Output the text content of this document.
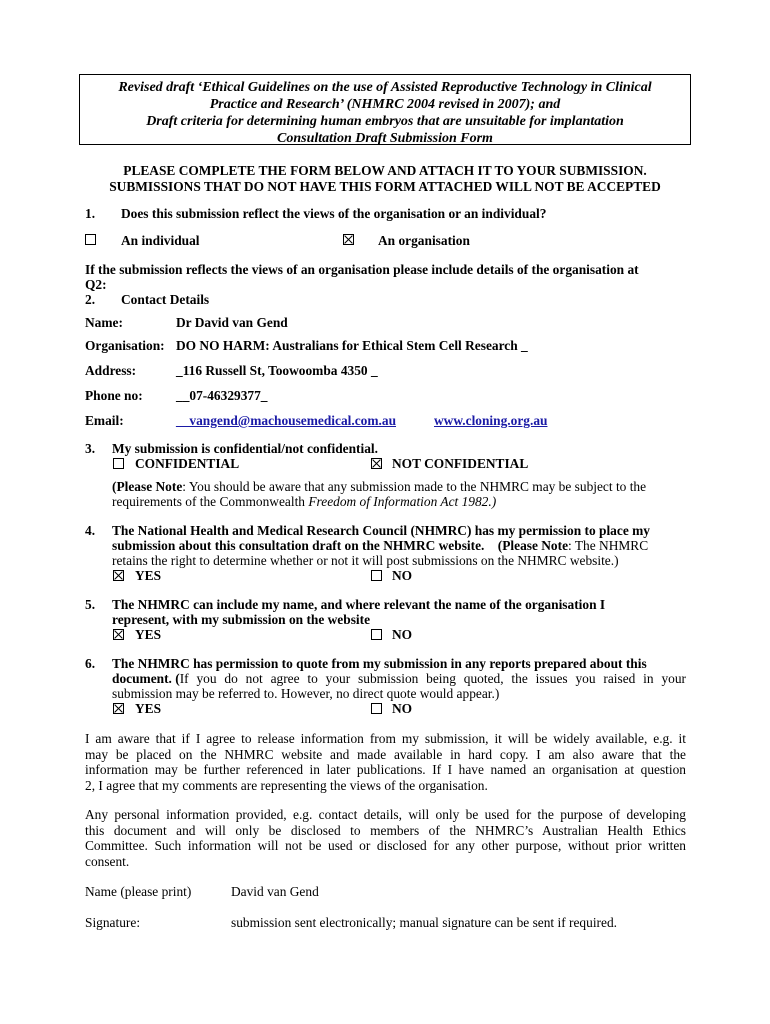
Revised draft ‘Ethical Guidelines on the use of Assisted Reproductive Technology in Clinical
Practice and Research’ (NHMRC 2004 revised in 2007); and
Draft criteria for determining human embryos that are unsuitable for implantation
Consultation Draft Submission Form
PLEASE COMPLETE THE FORM BELOW AND ATTACH IT TO YOUR SUBMISSION.
SUBMISSIONS THAT DO NOT HAVE THIS FORM ATTACHED WILL NOT BE ACCEPTED
1. Does this submission reflect the views of the organisation or an individual?
An individual	An organisation
If the submission reflects the views of an organisation please include details of the organisation at
Q2:
2. Contact Details
Name:	Dr David van Gend
Organisation: DO NO HARM: Australians for Ethical Stem Cell Research _
Address:	_116 Russell St, Toowoomba 4350 _
Phone no: __07-46329377_
Email:	__vangend@machousemedical.com.au	www.cloning.org.au
3. My submission is confidential/not confidential.
CONFIDENTIAL	NOT CONFIDENTIAL
(Please Note: You should be aware that any submission made to the NHMRC may be subject to the
requirements of the Commonwealth Freedom of Information Act 1982.)
4. The National Health and Medical Research Council (NHMRC) has my permission to place my
submission about this consultation draft on the NHMRC website. (Please Note: The NHMRC
retains the right to determine whether or not it will post submissions on the NHMRC website.)
YES	NO
5. The NHMRC can include my name, and where relevant the name of the organisation I
represent, with my submission on the website
YES	NO
6. The NHMRC has permission to quote from my submission in any reports prepared about this
document. ( If you do not agree to your submission being quoted, the issues you raised in your
submission may be referred to. However, no direct quote would appear.)
YES	NO
I am aware that if I agree to release information from my submission, it will be widely available, e.g. it
may be placed on the NHMRC website and made available in hard copy. I am also aware that the
information may be further referenced in later publications. If I have named an organisation at question
2, I agree that my comments are representing the views of the organisation.
Any personal information provided, e.g. contact details, will only be used for the purpose of developing
this document and will only be disclosed to members of the NHMRC’s Australian Health Ethics
Committee. Such information will not be used or disclosed for any other purpose, without prior written
consent.
Name (please print)	David van Gend
Signature:	submission sent electronically; manual signature can be sent if required.
